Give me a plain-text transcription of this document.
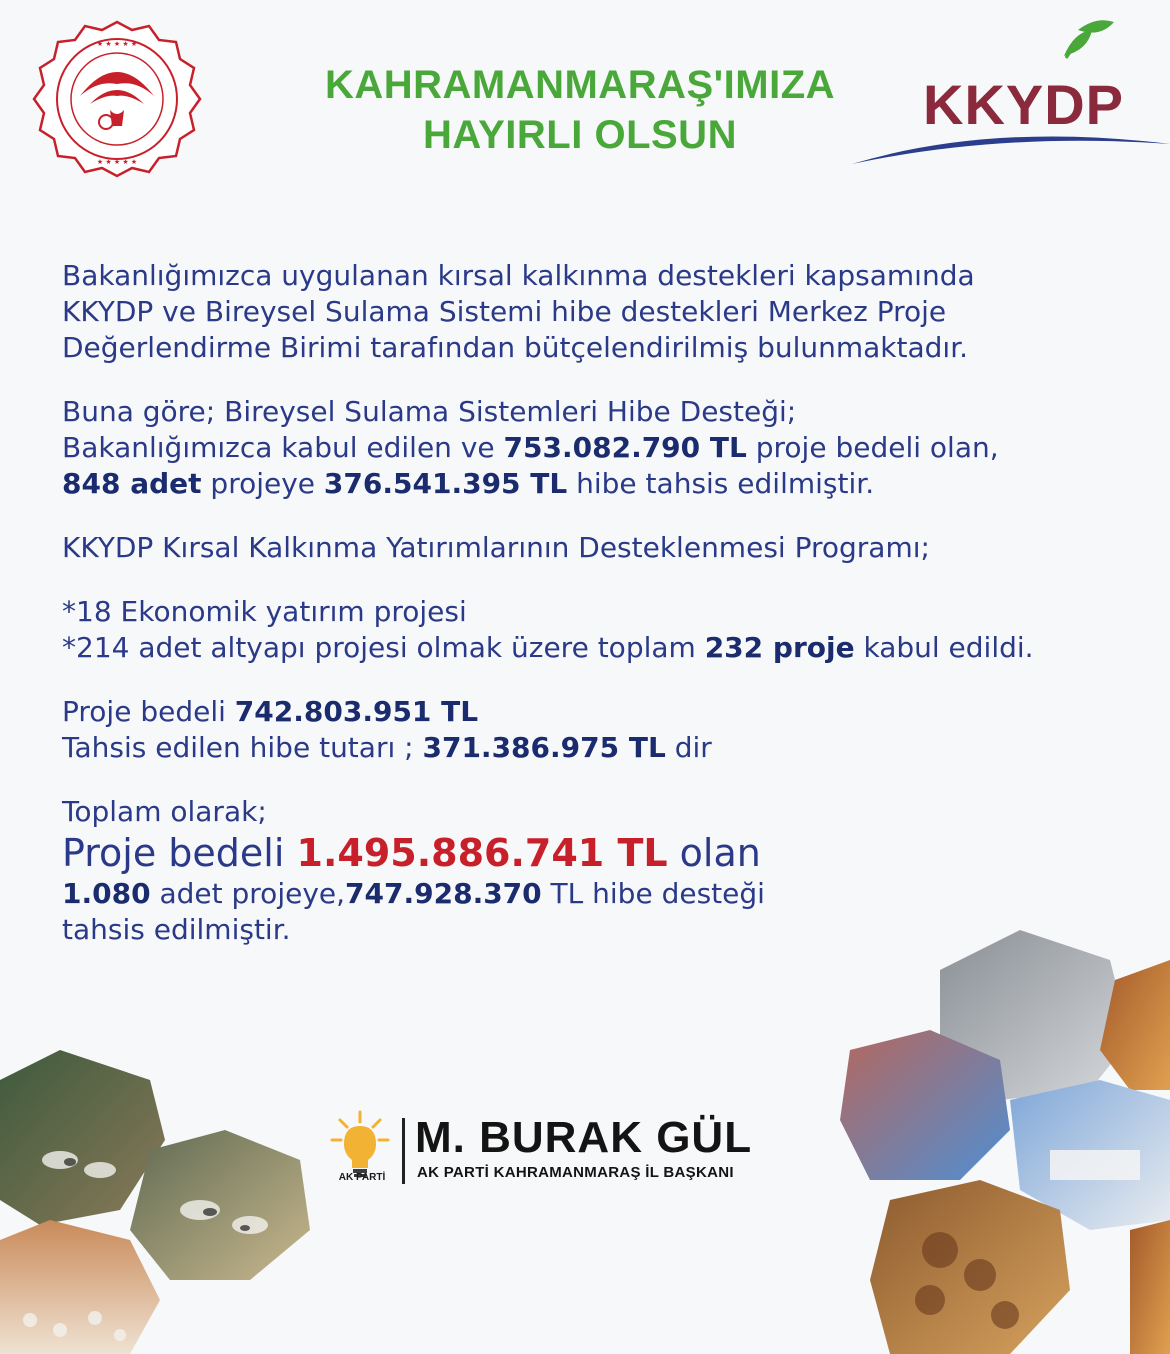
★ ★ ★ ★ ★
★ ★ ★ ★ ★
KAHRAMANMARAŞ'IMIZA
HAYIRLI OLSUN	KKYDP

Bakanlığımızca uygulanan kırsal kalkınma destekleri kapsamında

KKYDP ve Bireysel Sulama Sistemi hibe destekleri Merkez Proje

Değerlendirme Birimi tarafından bütçelendirilmiş bulunmaktadır.

Buna göre; Bireysel Sulama Sistemleri Hibe Desteği;

Bakanlığımızca kabul edilen ve 753.082.790 TL proje bedeli olan,

848 adet projeye 376.541.395 TL hibe tahsis edilmiştir.

KKYDP Kırsal Kalkınma Yatırımlarının Desteklenmesi Programı;

*18 Ekonomik yatırım projesi

*214 adet altyapı projesi olmak üzere toplam 232 proje kabul edildi.

Proje bedeli 742.803.951 TL

Tahsis edilen hibe tutarı ; 371.386.975 TL dir

Toplam olarak;

Proje bedeli 1.495.886.741 TL olan

1.080 adet projeye,747.928.370 TL hibe desteği

tahsis edilmiştir.

AK PARTİ
M. BURAK GÜL
AK PARTİ KAHRAMANMARAŞ İL BAŞKANI
